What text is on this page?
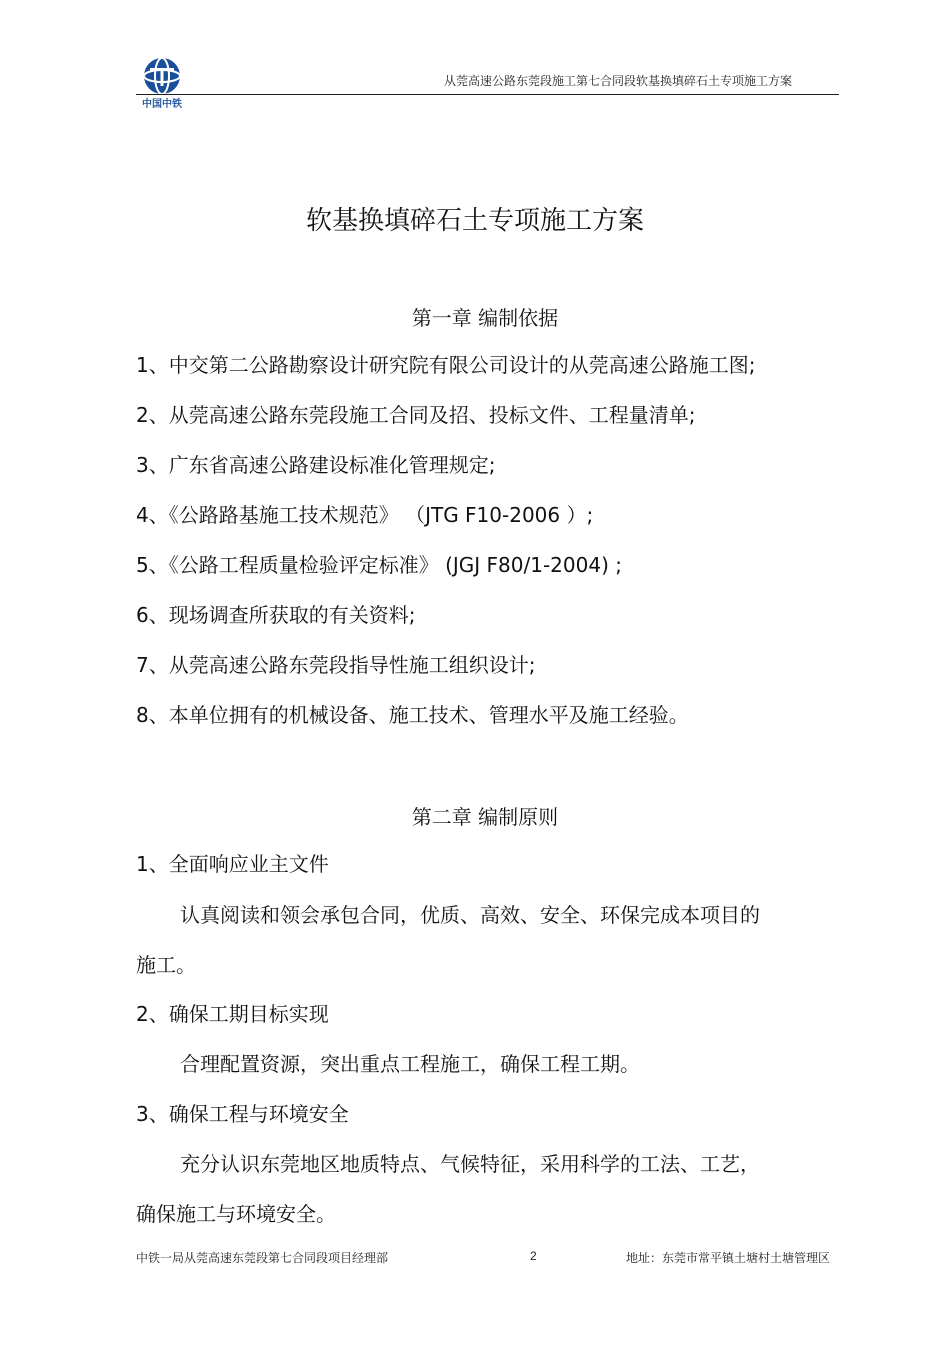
中国中铁
从莞高速公路东莞段施工第七合同段软基换填碎石土专项施工方案
软基换填碎石土专项施工方案
第一章 编制依据
1、中交第二公路勘察设计研究院有限公司设计的从莞高速公路施工图;
2、从莞高速公路东莞段施工合同及招、投标文件、工程量清单;
3、广东省高速公路建设标准化管理规定;
4、《公路路基施工技术规范》 （JTG F10-2006 ）;
5、《公路工程质量检验评定标准》 (JGJ F80/1-2004) ;
6、现场调查所获取的有关资料;
7、从莞高速公路东莞段指导性施工组织设计;
8、本单位拥有的机械设备、施工技术、管理水平及施工经验。
第二章 编制原则
1、全面响应业主文件
认真阅读和领会承包合同，优质、高效、安全、环保完成本项目的
施工。
2、确保工期目标实现
合理配置资源，突出重点工程施工，确保工程工期。
3、确保工程与环境安全
充分认识东莞地区地质特点、气候特征，采用科学的工法、工艺，
确保施工与环境安全。
中铁一局从莞高速东莞段第七合同段项目经理部	2	地址：东莞市常平镇土塘村土塘管理区
